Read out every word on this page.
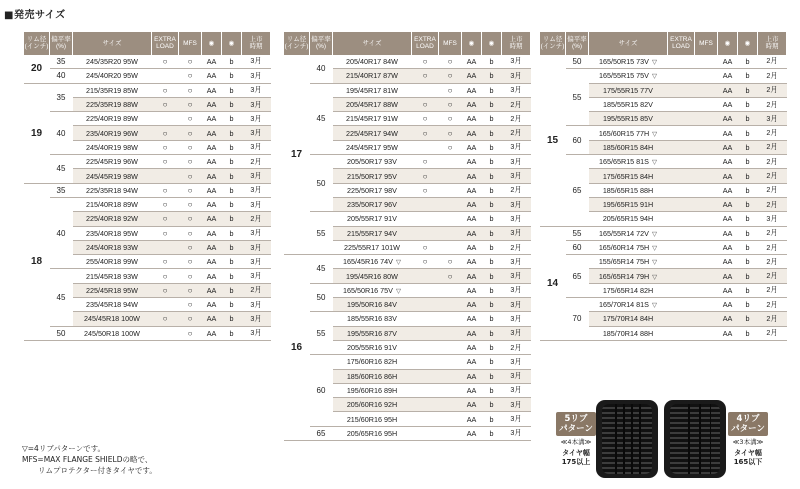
■発売サイズ
リム径
(インチ)	偏平率
(%)	サイズ	EXTRA
LOAD	MFS	◉	◉	上市
時期
20	35	245/35R20 95W	○	○	AA	b	3月
	40	245/40R20 95W		○	AA	b	3月
19	35	215/35R19 85W	○	○	AA	b	3月
		225/35R19 88W	○	○	AA	b	3月
	40	225/40R19 89W		○	AA	b	3月
		235/40R19 96W	○	○	AA	b	3月
		245/40R19 98W	○	○	AA	b	3月
	45	225/45R19 96W	○	○	AA	b	2月
		245/45R19 98W		○	AA	b	3月
18	35	225/35R18 94W	○	○	AA	b	3月
	40	215/40R18 89W	○	○	AA	b	3月
		225/40R18 92W	○	○	AA	b	2月
		235/40R18 95W	○	○	AA	b	3月
		245/40R18 93W		○	AA	b	3月
		255/40R18 99W	○	○	AA	b	3月
	45	215/45R18 93W	○	○	AA	b	3月
		225/45R18 95W	○	○	AA	b	2月
		235/45R18 94W		○	AA	b	3月
		245/45R18 100W	○	○	AA	b	3月
	50	245/50R18 100W		○	AA	b	3月
リム径
(インチ)	偏平率
(%)	サイズ	EXTRA
LOAD	MFS	◉	◉	上市
時期
17	40	205/40R17 84W	○	○	AA	b	3月
		215/40R17 87W	○	○	AA	b	3月
	45	195/45R17 81W		○	AA	b	3月
		205/45R17 88W	○	○	AA	b	2月
		215/45R17 91W	○	○	AA	b	2月
		225/45R17 94W	○	○	AA	b	2月
		245/45R17 95W		○	AA	b	3月
	50	205/50R17 93V	○		AA	b	3月
		215/50R17 95V	○		AA	b	3月
		225/50R17 98V	○		AA	b	2月
		235/50R17 96V			AA	b	3月
	55	205/55R17 91V			AA	b	3月
		215/55R17 94V			AA	b	3月
		225/55R17 101W	○		AA	b	2月
16	45	165/45R16 74V ▽	○	○	AA	b	3月
		195/45R16 80W		○	AA	b	3月
	50	165/50R16 75V ▽			AA	b	3月
		195/50R16 84V			AA	b	3月
	55	185/55R16 83V			AA	b	3月
		195/55R16 87V			AA	b	3月
		205/55R16 91V			AA	b	2月
	60	175/60R16 82H			AA	b	3月
		185/60R16 86H			AA	b	3月
		195/60R16 89H			AA	b	3月
		205/60R16 92H			AA	b	3月
		215/60R16 95H			AA	b	3月
	65	205/65R16 95H			AA	b	3月
リム径
(インチ)	偏平率
(%)	サイズ	EXTRA
LOAD	MFS	◉	◉	上市
時期
15	50	165/50R15 73V ▽			AA	b	2月
	55	165/55R15 75V ▽			AA	b	2月
		175/55R15 77V			AA	b	2月
		185/55R15 82V			AA	b	2月
		195/55R15 85V			AA	b	3月
	60	165/60R15 77H ▽			AA	b	2月
		185/60R15 84H			AA	b	2月
	65	165/65R15 81S ▽			AA	b	2月
		175/65R15 84H			AA	b	2月
		185/65R15 88H			AA	b	2月
		195/65R15 91H			AA	b	2月
		205/65R15 94H			AA	b	3月
14	55	165/55R14 72V ▽			AA	b	2月
	60	165/60R14 75H ▽			AA	b	2月
	65	155/65R14 75H ▽			AA	b	2月
		165/65R14 79H ▽			AA	b	2月
		175/65R14 82H			AA	b	2月
	70	165/70R14 81S ▽			AA	b	2月
		175/70R14 84H			AA	b	2月
		185/70R14 88H			AA	b	2月
▽=4リブパターンです。
MFS=MAX FLANGE SHIELDの略で、
リムプロテクター付きタイヤです。
5リブ
パターン
≪4本溝≫
タイヤ幅
175以上
4リブ
パターン
≪3本溝≫
タイヤ幅
165以下
